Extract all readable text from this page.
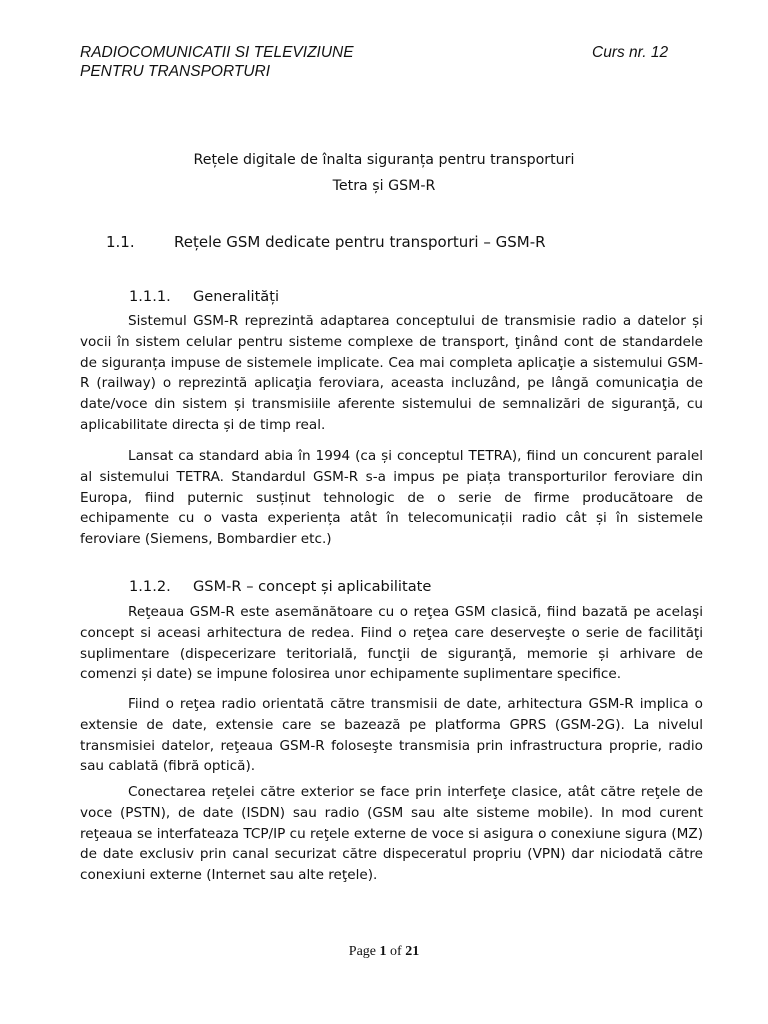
RADIOCOMUNICATII SI TELEVIZIUNE
PENTRU TRANSPORTURI
Curs nr. 12
Rețele digitale de înalta siguranța pentru transporturi
Tetra și GSM-R
1.1.	Rețele GSM dedicate pentru transporturi – GSM-R
1.1.1. Generalități

Sistemul GSM-R reprezintă adaptarea conceptului de transmisie radio a datelor și vocii în sistem celular pentru sisteme complexe de transport, ţinând cont de standardele de siguranța impuse de sistemele implicate. Cea mai completa aplicaţie a sistemului GSM-R (railway) o reprezintă aplicaţia feroviara, aceasta incluzând, pe lângă comunicaţia de date/voce din sistem și transmisiile aferente sistemului de semnalizări de siguranţă, cu aplicabilitate directa și de timp real.

Lansat ca standard abia în 1994 (ca și conceptul TETRA), fiind un concurent paralel al sistemului TETRA. Standardul GSM-R s-a impus pe piața transporturilor feroviare din Europa, fiind puternic susținut tehnologic de o serie de firme producătoare de echipamente cu o vasta experiența atât în telecomunicații radio cât și în sistemele feroviare (Siemens, Bombardier etc.)

1.1.2. GSM-R – concept și aplicabilitate

Reţeaua GSM-R este asemănătoare cu o reţea GSM clasică, fiind bazată pe acelaşi concept si aceasi arhitectura de redea. Fiind o reţea care deserveşte o serie de facilităţi suplimentare (dispecerizare teritorială, funcţii de siguranţă, memorie și arhivare de comenzi și date) se impune folosirea unor echipamente suplimentare specifice.

Fiind o reţea radio orientată către transmisii de date, arhitectura GSM-R implica o extensie de date, extensie care se bazează pe platforma GPRS (GSM-2G). La nivelul transmisiei datelor, reţeaua GSM-R foloseşte transmisia prin infrastructura proprie, radio sau cablată (fibră optică).

Conectarea reţelei către exterior se face prin interfeţe clasice, atât către reţele de voce (PSTN), de date (ISDN) sau radio (GSM sau alte sisteme mobile). In mod curent reţeaua se interfateaza TCP/IP cu reţele externe de voce si asigura o conexiune sigura (MZ) de date exclusiv prin canal securizat către dispeceratul propriu (VPN) dar niciodată către conexiuni externe (Internet sau alte reţele).

Page 1 of 21
